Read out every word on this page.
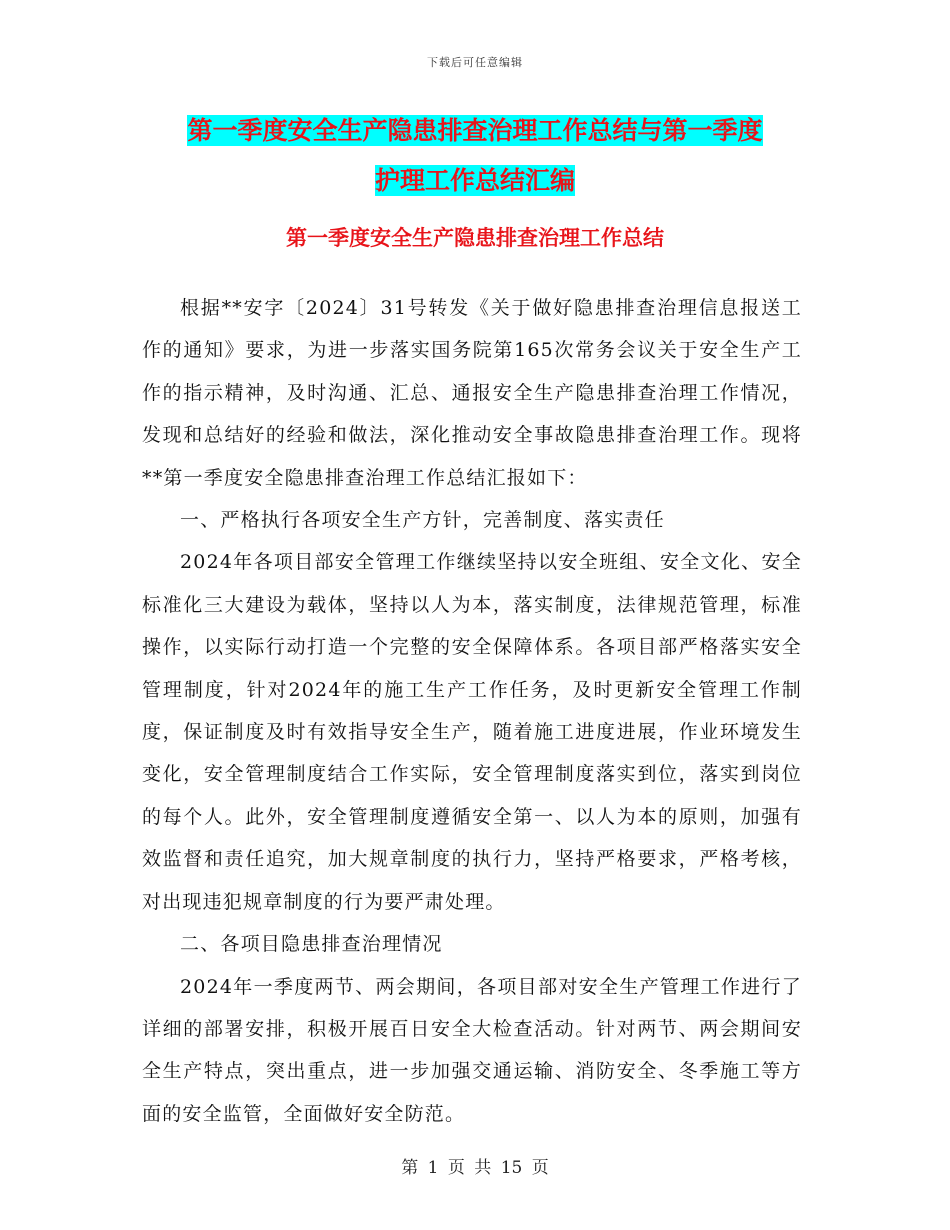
下载后可任意编辑
第一季度安全生产隐患排查治理工作总结与第一季度
护理工作总结汇编
第一季度安全生产隐患排查治理工作总结

根据**安字〔2024〕31号转发《关于做好隐患排查治理信息报送工作的通知》要求，为进一步落实国务院第165次常务会议关于安全生产工作的指示精神，及时沟通、汇总、通报安全生产隐患排查治理工作情况，发现和总结好的经验和做法，深化推动安全事故隐患排查治理工作。现将**第一季度安全隐患排查治理工作总结汇报如下：

一、严格执行各项安全生产方针，完善制度、落实责任

2024年各项目部安全管理工作继续坚持以安全班组、安全文化、安全标准化三大建设为载体，坚持以人为本，落实制度，法律规范管理，标准操作，以实际行动打造一个完整的安全保障体系。各项目部严格落实安全管理制度，针对2024年的施工生产工作任务，及时更新安全管理工作制度，保证制度及时有效指导安全生产，随着施工进度进展，作业环境发生变化，安全管理制度结合工作实际，安全管理制度落实到位，落实到岗位的每个人。此外，安全管理制度遵循安全第一、以人为本的原则，加强有效监督和责任追究，加大规章制度的执行力，坚持严格要求，严格考核，对出现违犯规章制度的行为要严肃处理。

二、各项目隐患排查治理情况

2024年一季度两节、两会期间，各项目部对安全生产管理工作进行了详细的部署安排，积极开展百日安全大检查活动。针对两节、两会期间安全生产特点，突出重点，进一步加强交通运输、消防安全、冬季施工等方面的安全监管，全面做好安全防范。

第 1 页 共 15 页
